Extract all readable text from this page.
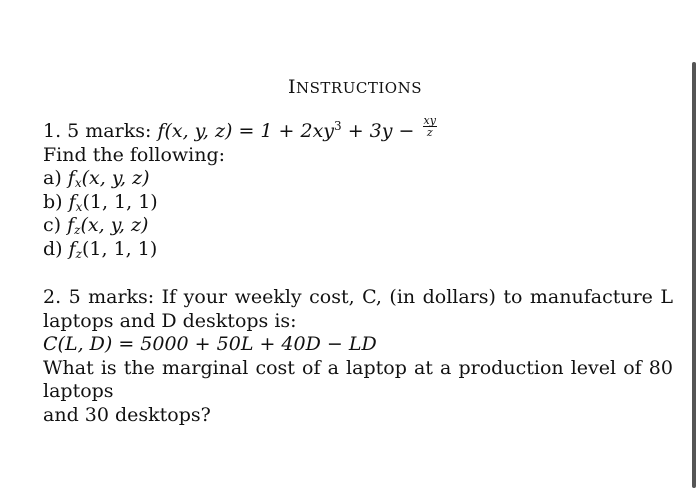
INSTRUCTIONS
1. 5 marks: f(x, y, $z) = 1 + 2xy^3 + 3y - \frac{xy}{z}$
Find the following:
a) $f_x(x$, y, z)
b) $f_x(1$, 1, 1)
c) $f_z(x$, y, z)
d) $f_z(1$, 1, 1)
2. 5 marks: If your weekly cost, C, (in dollars) to manufacture L
laptops and D desktops is:
C(L, D) = 5000 + 50L + 40D − LD
What is the marginal cost of a laptop at a production level of 80 laptops
and 30 desktops?
